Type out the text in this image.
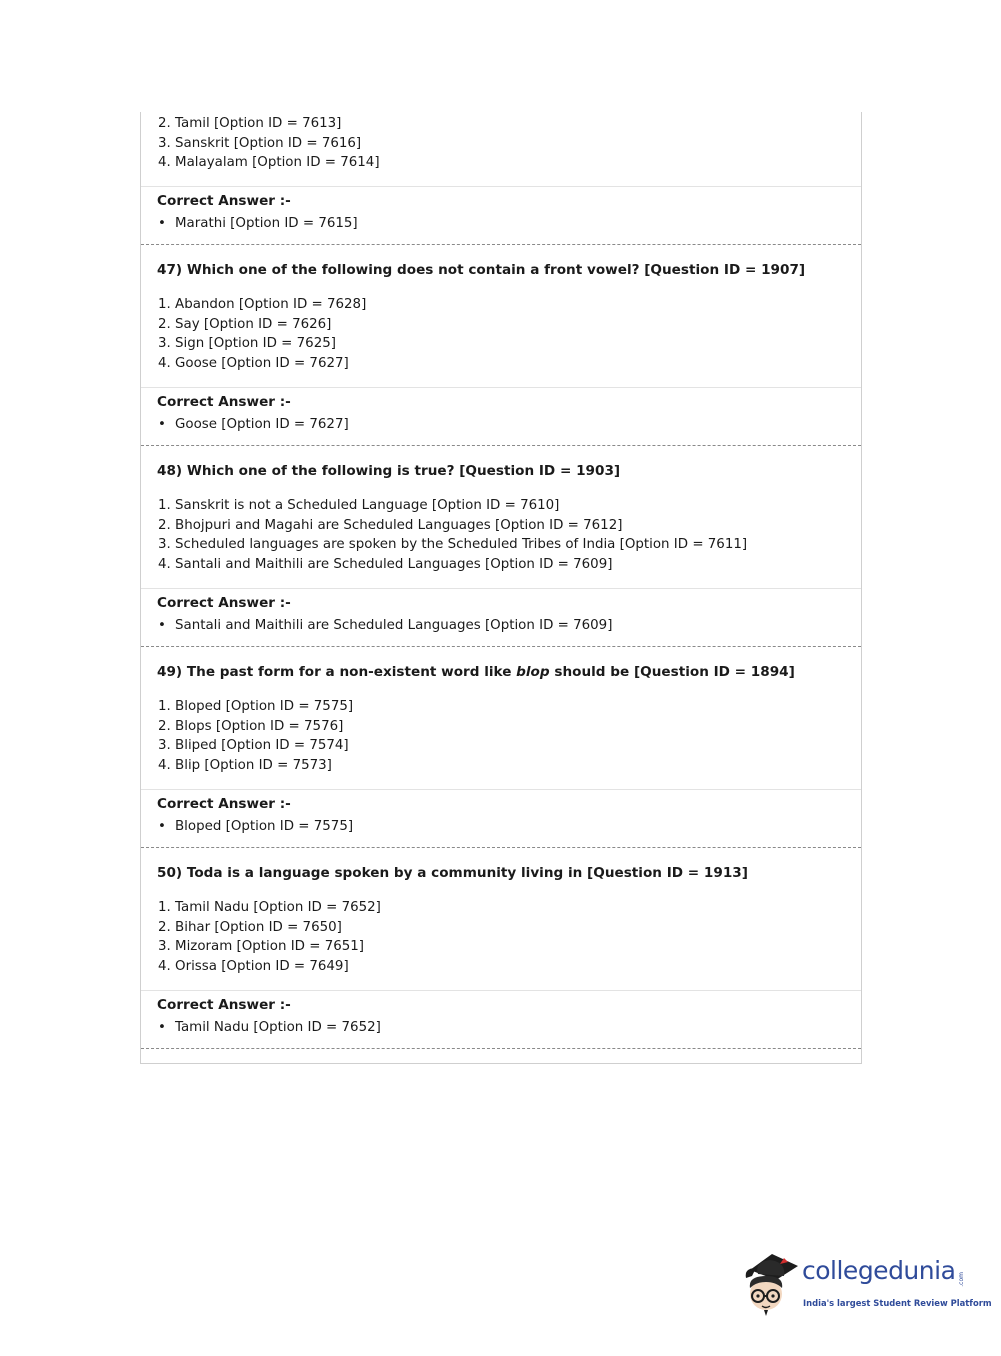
2. Tamil [Option ID = 7613]
3. Sanskrit [Option ID = 7616]
4. Malayalam [Option ID = 7614]
Correct Answer :-
• Marathi [Option ID = 7615]
47) Which one of the following does not contain a front vowel? [Question ID = 1907]
1. Abandon [Option ID = 7628]
2. Say [Option ID = 7626]
3. Sign [Option ID = 7625]
4. Goose [Option ID = 7627]
Correct Answer :-
• Goose [Option ID = 7627]
48) Which one of the following is true? [Question ID = 1903]
1. Sanskrit is not a Scheduled Language [Option ID = 7610]
2. Bhojpuri and Magahi are Scheduled Languages [Option ID = 7612]
3. Scheduled languages are spoken by the Scheduled Tribes of India [Option ID = 7611]
4. Santali and Maithili are Scheduled Languages [Option ID = 7609]
Correct Answer :-
• Santali and Maithili are Scheduled Languages [Option ID = 7609]
49) The past form for a non-existent word like blop should be [Question ID = 1894]
1. Bloped [Option ID = 7575]
2. Blops [Option ID = 7576]
3. Bliped [Option ID = 7574]
4. Blip [Option ID = 7573]
Correct Answer :-
• Bloped [Option ID = 7575]
50) Toda is a language spoken by a community living in [Question ID = 1913]
1. Tamil Nadu [Option ID = 7652]
2. Bihar [Option ID = 7650]
3. Mizoram [Option ID = 7651]
4. Orissa [Option ID = 7649]
Correct Answer :-
• Tamil Nadu [Option ID = 7652]
collegedunia .com
India's largest Student Review Platform
